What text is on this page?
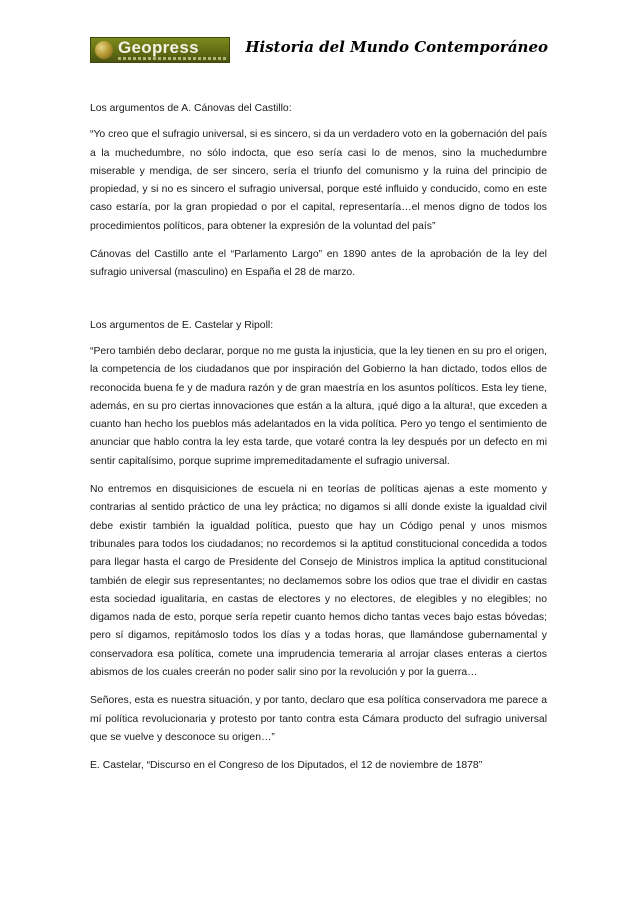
Geopress	Historia del Mundo Contemporáneo

Los argumentos de A. Cánovas del Castillo:

“Yo creo que el sufragio universal, si es sincero, si da un verdadero voto en la gobernación del país a la muchedumbre, no sólo indocta, que eso sería casi lo de menos, sino la muchedumbre miserable y mendiga, de ser sincero, sería el triunfo del comunismo y la ruina del principio de propiedad, y si no es sincero el sufragio universal, porque esté influido y conducido, como en este caso estaría, por la gran propiedad o por el capital, representaría…el menos digno de todos los procedimientos políticos, para obtener la expresión de la voluntad del país”

Cánovas del Castillo ante el “Parlamento Largo” en 1890 antes de la aprobación de la ley del sufragio universal (masculino) en España el 28 de marzo.

Los argumentos de E. Castelar y Ripoll:

“Pero también debo declarar, porque no me gusta la injusticia, que la ley tienen en su pro el origen, la competencia de los ciudadanos que por inspiración del Gobierno la han dictado, todos ellos de reconocida buena fe y de madura razón y de gran maestría en los asuntos políticos. Esta ley tiene, además, en su pro ciertas innovaciones que están a la altura, ¡qué digo a la altura!, que exceden a cuanto han hecho los pueblos más adelantados en la vida política. Pero yo tengo el sentimiento de anunciar que hablo contra la ley esta tarde, que votaré contra la ley después por un defecto en mi sentir capitalísimo, porque suprime impremeditadamente el sufragio universal.

No entremos en disquisiciones de escuela ni en teorías de políticas ajenas a este momento y contrarias al sentido práctico de una ley práctica; no digamos si allí donde existe la igualdad civil debe existir también la igualdad política, puesto que hay un Código penal y unos mismos tribunales para todos los ciudadanos; no recordemos si la aptitud constitucional concedida a todos para llegar hasta el cargo de Presidente del Consejo de Ministros implica la aptitud constitucional también de elegir sus representantes; no declamemos sobre los odios que trae el dividir en castas esta sociedad igualitaria, en castas de electores y no electores, de elegibles y no elegibles; no digamos nada de esto, porque sería repetir cuanto hemos dicho tantas veces bajo estas bóvedas; pero sí digamos, repitámoslo todos los días y a todas horas, que llamándose gubernamental y conservadora esa política, comete una imprudencia temeraria al arrojar clases enteras a ciertos abismos de los cuales creerán no poder salir sino por la revolución y por la guerra…

Señores, esta es nuestra situación, y por tanto, declaro que esa política conservadora me parece a mí política revolucionaria y protesto por tanto contra esta Cámara producto del sufragio universal que se vuelve y desconoce su origen…”

E. Castelar, “Discurso en el Congreso de los Diputados, el 12 de noviembre de 1878”
